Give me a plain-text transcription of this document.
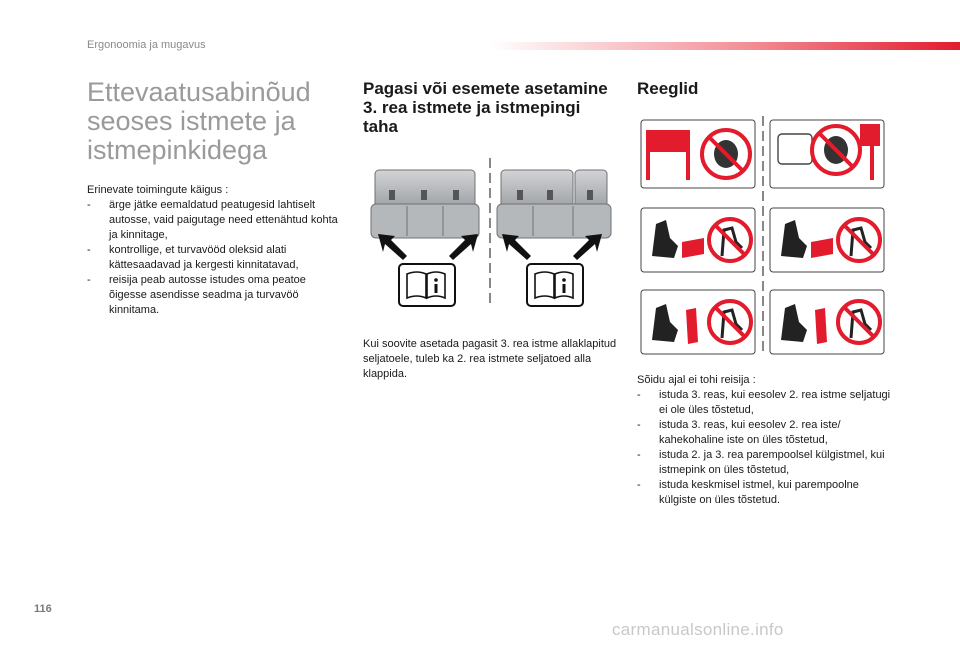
Ergonoomia ja mugavus
Ettevaatusabinõud seoses istmete ja istmepinkidega

Erinevate toimingute käigus :

- ärge jätke eemaldatud peatugesid lahtiselt autosse, vaid paigutage need ettenähtud kohta ja kinnitage,
- kontrollige, et turvavööd oleksid alati kättesaadavad ja kergesti kinnitatavad,
- reisija peab autosse istudes oma peatoe õigesse asendisse seadma ja turvavöö kinnitama.
Pagasi või esemete asetamine 3. rea istmete ja istmepingi taha

Kui soovite asetada pagasit 3. rea istme allaklapitud seljatoele, tuleb ka 2. rea istmete seljatoed alla klappida.

Reeglid

Sõidu ajal ei tohi reisija :

- istuda 3. reas, kui eesolev 2. rea istme seljatugi ei ole üles tõstetud,
- istuda 3. reas, kui eesolev 2. rea iste/ kahekohaline iste on üles tõstetud,
- istuda 2. ja 3. rea parempoolsel külgistmel, kui istmepink on üles tõstetud,
- istuda keskmisel istmel, kui parempoolne külgiste on üles tõstetud.
116
carmanualsonline.info
